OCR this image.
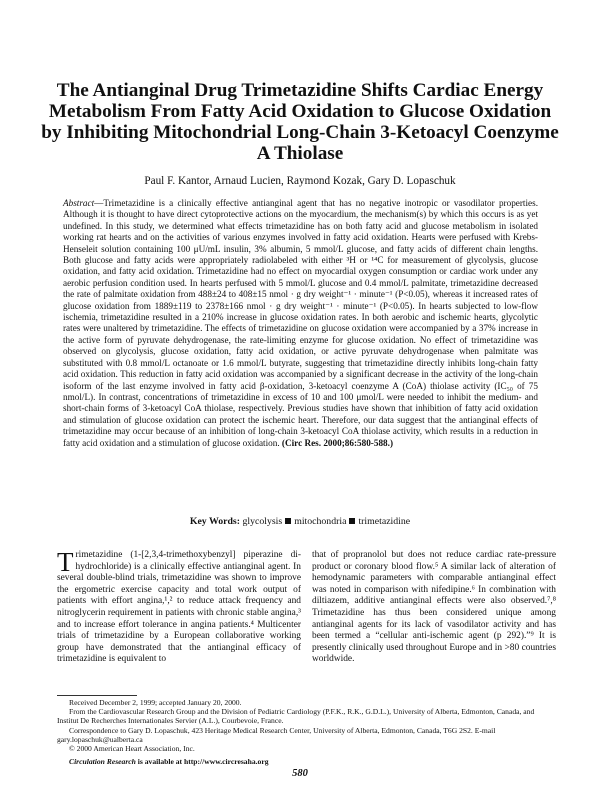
The Antianginal Drug Trimetazidine Shifts Cardiac Energy Metabolism From Fatty Acid Oxidation to Glucose Oxidation by Inhibiting Mitochondrial Long-Chain 3-Ketoacyl Coenzyme A Thiolase
Paul F. Kantor, Arnaud Lucien, Raymond Kozak, Gary D. Lopaschuk
Abstract—Trimetazidine is a clinically effective antianginal agent that has no negative inotropic or vasodilator properties. Although it is thought to have direct cytoprotective actions on the myocardium, the mechanism(s) by which this occurs is as yet undefined. In this study, we determined what effects trimetazidine has on both fatty acid and glucose metabolism in isolated working rat hearts and on the activities of various enzymes involved in fatty acid oxidation. Hearts were perfused with Krebs-Henseleit solution containing 100 μU/mL insulin, 3% albumin, 5 mmol/L glucose, and fatty acids of different chain lengths. Both glucose and fatty acids were appropriately radiolabeled with either ³H or ¹⁴C for measurement of glycolysis, glucose oxidation, and fatty acid oxidation. Trimetazidine had no effect on myocardial oxygen consumption or cardiac work under any aerobic perfusion condition used. In hearts perfused with 5 mmol/L glucose and 0.4 mmol/L palmitate, trimetazidine decreased the rate of palmitate oxidation from 488±24 to 408±15 nmol · g dry weight⁻¹ · minute⁻¹ (P<0.05), whereas it increased rates of glucose oxidation from 1889±119 to 2378±166 nmol · g dry weight⁻¹ · minute⁻¹ (P<0.05). In hearts subjected to low-flow ischemia, trimetazidine resulted in a 210% increase in glucose oxidation rates. In both aerobic and ischemic hearts, glycolytic rates were unaltered by trimetazidine. The effects of trimetazidine on glucose oxidation were accompanied by a 37% increase in the active form of pyruvate dehydrogenase, the rate-limiting enzyme for glucose oxidation. No effect of trimetazidine was observed on glycolysis, glucose oxidation, fatty acid oxidation, or active pyruvate dehydrogenase when palmitate was substituted with 0.8 mmol/L octanoate or 1.6 mmol/L butyrate, suggesting that trimetazidine directly inhibits long-chain fatty acid oxidation. This reduction in fatty acid oxidation was accompanied by a significant decrease in the activity of the long-chain isoform of the last enzyme involved in fatty acid β-oxidation, 3-ketoacyl coenzyme A (CoA) thiolase activity (IC₅₀ of 75 nmol/L). In contrast, concentrations of trimetazidine in excess of 10 and 100 μmol/L were needed to inhibit the medium- and short-chain forms of 3-ketoacyl CoA thiolase, respectively. Previous studies have shown that inhibition of fatty acid oxidation and stimulation of glucose oxidation can protect the ischemic heart. Therefore, our data suggest that the antianginal effects of trimetazidine may occur because of an inhibition of long-chain 3-ketoacyl CoA thiolase activity, which results in a reduction in fatty acid oxidation and a stimulation of glucose oxidation. (Circ Res. 2000;86:580-588.)
Key Words: glycolysis mitochondria trimetazidine

Trimetazidine (1-[2,3,4-trimethoxybenzyl] piperazine di-hydrochloride) is a clinically effective antianginal agent. In several double-blind trials, trimetazidine was shown to improve the ergometric exercise capacity and total work output of patients with effort angina,¹,² to reduce attack frequency and nitroglycerin requirement in patients with chronic stable angina,³ and to increase effort tolerance in angina patients.⁴ Multicenter trials of trimetazidine by a European collaborative working group have demonstrated that the antianginal efficacy of trimetazidine is equivalent to

that of propranolol but does not reduce cardiac rate-pressure product or coronary blood flow.⁵ A similar lack of alteration of hemodynamic parameters with comparable antianginal effect was noted in comparison with nifedipine.⁶ In combination with diltiazem, additive antianginal effects were also observed.⁷,⁸ Trimetazidine has thus been considered unique among antianginal agents for its lack of vasodilator activity and has been termed a “cellular anti-ischemic agent (p 292).”⁹ It is presently clinically used throughout Europe and in >80 countries worldwide.

Received December 2, 1999; accepted January 20, 2000.
From the Cardiovascular Research Group and the Division of Pediatric Cardiology (P.F.K., R.K., G.D.L.), University of Alberta, Edmonton, Canada, and Institut De Recherches Internationales Servier (A.L.), Courbevoie, France.
Correspondence to Gary D. Lopaschuk, 423 Heritage Medical Research Center, University of Alberta, Edmonton, Canada, T6G 2S2. E-mail gary.lopaschuk@ualberta.ca
© 2000 American Heart Association, Inc.
Circulation Research is available at http://www.circresaha.org
580
